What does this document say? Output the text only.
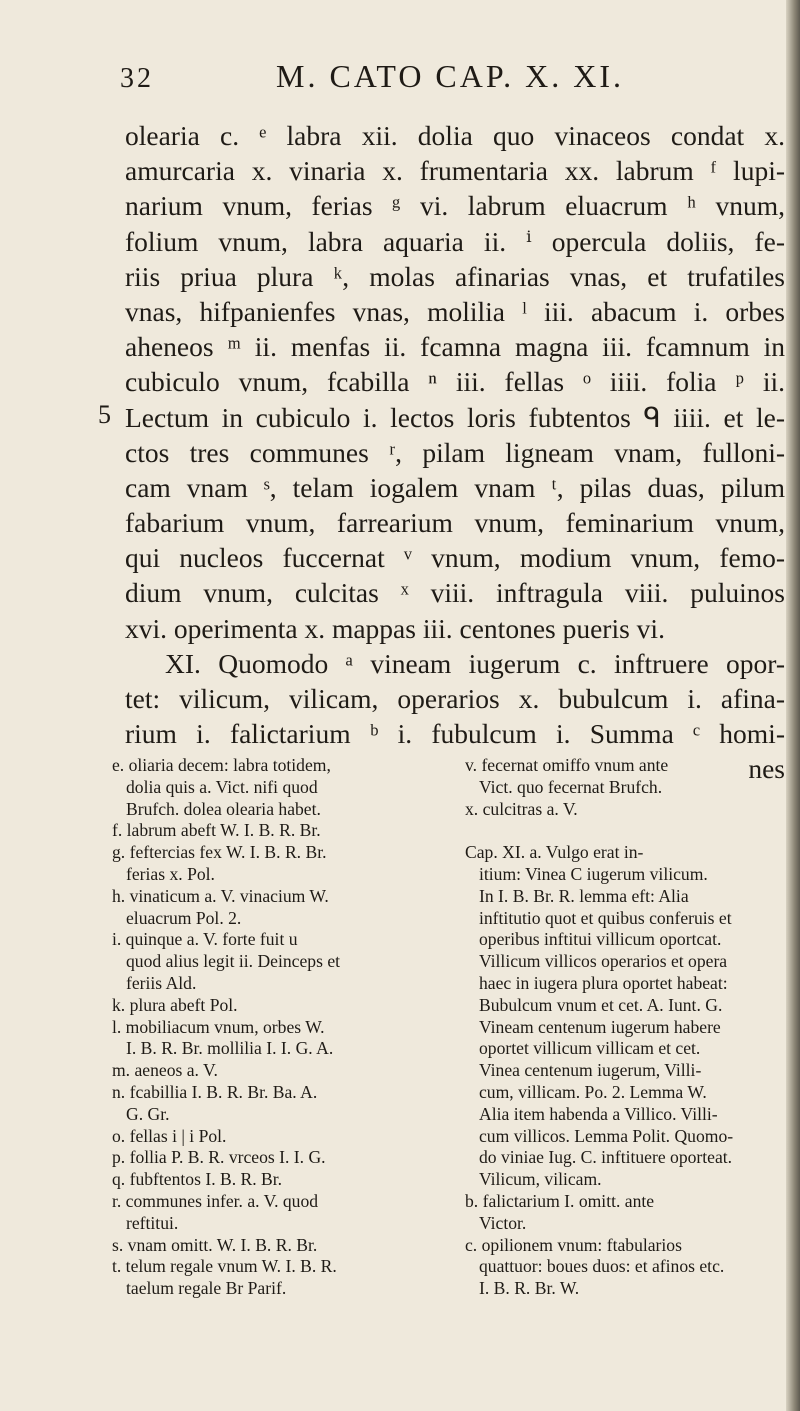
32	M. CATO CAP. X. XI.
5
olearia c. ᵉ labra xii. dolia quo vinaceos condat x.
amurcaria x. vinaria x. frumentaria xx. labrum ᶠ lupi-
narium vnum, ferias ᵍ vi. labrum eluacrum ʰ vnum,
folium vnum, labra aquaria ii. ⁱ opercula doliis, fe-
riis priua plura ᵏ, molas afinarias vnas, et trufatiles
vnas, hifpanienfes vnas, molilia ˡ iii. abacum i. orbes
aheneos ᵐ ii. menfas ii. fcamna magna iii. fcamnum in
cubiculo vnum, fcabilla ⁿ iii. fellas ᵒ iiii. folia ᵖ ii.
Lectum in cubiculo i. lectos loris fubtentos ᑫ iiii. et le-
ctos tres communes ʳ, pilam ligneam vnam, fulloni-
cam vnam ˢ, telam iogalem vnam ᵗ, pilas duas, pilum
fabarium vnum, farrearium vnum, feminarium vnum,
qui nucleos fuccernat ᵛ vnum, modium vnum, femo-
dium vnum, culcitas ˣ viii. inftragula viii. puluinos
xvi. operimenta x. mappas iii. centones pueris vi.
XI. Quomodo ᵃ vineam iugerum c. inftruere opor-
tet: vilicum, vilicam, operarios x. bubulcum i. afina-
rium i. falictarium ᵇ i. fubulcum i. Summa ᶜ homi-
nes
e. oliaria decem: labra totidem,
dolia quis a. Vict. nifi quod
Brufch. dolea olearia habet.
f. labrum abeft W. I. B. R. Br.
g. feftercias fex W. I. B. R. Br.
ferias x. Pol.
h. vinaticum a. V. vinacium W.
eluacrum Pol. 2.
i. quinque a. V. forte fuit u
quod alius legit ii. Deinceps et
feriis Ald.
k. plura abeft Pol.
l. mobiliacum vnum, orbes W.
I. B. R. Br. mollilia I. I. G. A.
m. aeneos a. V.
n. fcabillia I. B. R. Br. Ba. A.
G. Gr.
o. fellas i | i Pol.
p. follia P. B. R. vrceos I. I. G.
q. fubftentos I. B. R. Br.
r. communes infer. a. V. quod
reftitui.
s. vnam omitt. W. I. B. R. Br.
t. telum regale vnum W. I. B. R.
taelum regale Br Parif.
v. fecernat omiffo vnum ante
Vict. quo fecernat Brufch.
x. culcitras a. V.

Cap. XI. a. Vulgo erat in-
itium: Vinea C iugerum vilicum.
In I. B. Br. R. lemma eft: Alia
inftitutio quot et quibus conferuis et
operibus inftitui villicum oportcat.
Villicum villicos operarios et opera
haec in iugera plura oportet habeat:
Bubulcum vnum et cet. A. Iunt. G.
Vineam centenum iugerum habere
oportet villicum villicam et cet.
Vinea centenum iugerum, Villi-
cum, villicam. Po. 2. Lemma W.
Alia item habenda a Villico. Villi-
cum villicos. Lemma Polit. Quomo-
do viniae Iug. C. inftituere oporteat.
Vilicum, vilicam.
b. falictarium I. omitt. ante
Victor.
c. opilionem vnum: ftabularios
quattuor: boues duos: et afinos etc.
I. B. R. Br. W.
